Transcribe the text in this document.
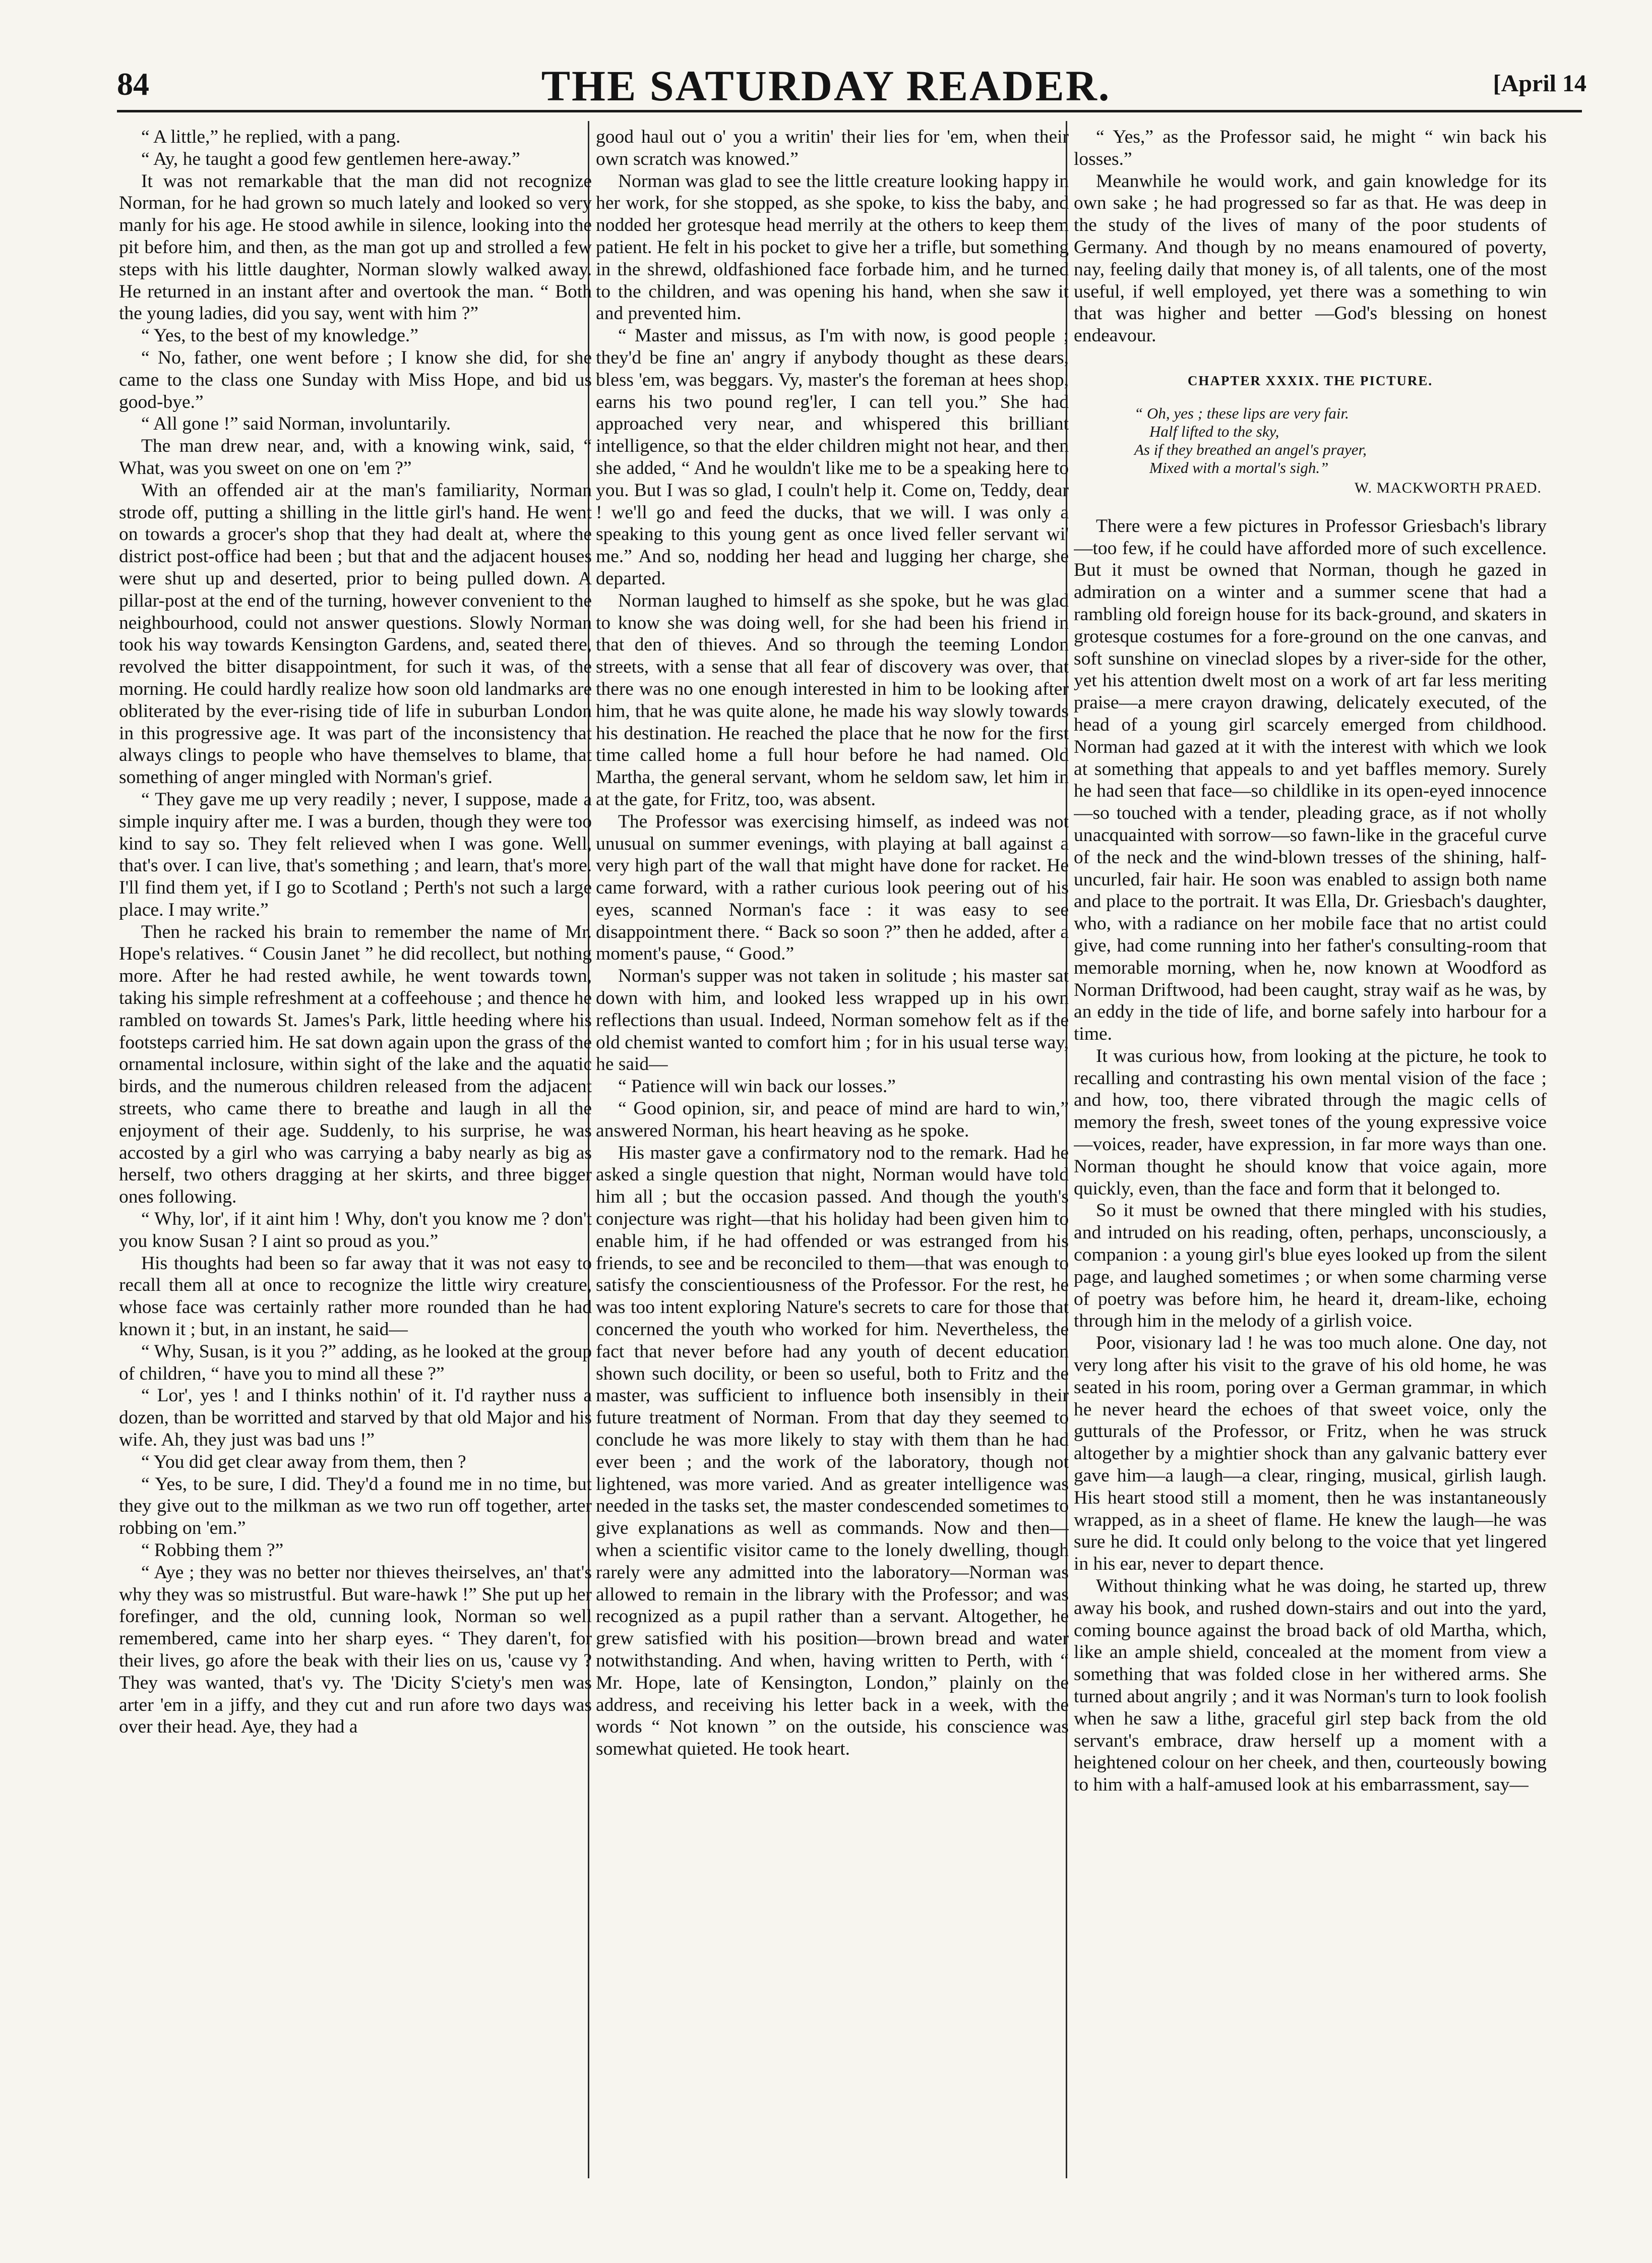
84	THE SATURDAY READER.	[April 14

“ A little,” he replied, with a pang.

“ Ay, he taught a good few gentlemen here-away.”

It was not remarkable that the man did not recognize Norman, for he had grown so much lately and looked so very manly for his age. He stood awhile in silence, looking into the pit before him, and then, as the man got up and strolled a few steps with his little daughter, Norman slowly walked away. He returned in an instant after and overtook the man. “ Both the young ladies, did you say, went with him ?”

“ Yes, to the best of my knowledge.”

“ No, father, one went before ; I know she did, for she came to the class one Sunday with Miss Hope, and bid us good-bye.”

“ All gone !” said Norman, involuntarily.

The man drew near, and, with a knowing wink, said, “ What, was you sweet on one on 'em ?”

With an offended air at the man's familiarity, Norman strode off, putting a shilling in the little girl's hand. He went on towards a grocer's shop that they had dealt at, where the district post-office had been ; but that and the adjacent houses were shut up and deserted, prior to being pulled down. A pillar-post at the end of the turning, however convenient to the neighbourhood, could not answer questions. Slowly Norman took his way towards Kensington Gardens, and, seated there, revolved the bitter disappointment, for such it was, of the morning. He could hardly realize how soon old landmarks are obliterated by the ever-rising tide of life in suburban London in this progressive age. It was part of the inconsistency that always clings to people who have themselves to blame, that something of anger mingled with Norman's grief.

“ They gave me up very readily ; never, I suppose, made a simple inquiry after me. I was a burden, though they were too kind to say so. They felt relieved when I was gone. Well, that's over. I can live, that's something ; and learn, that's more. I'll find them yet, if I go to Scotland ; Perth's not such a large place. I may write.”

Then he racked his brain to remember the name of Mr. Hope's relatives. “ Cousin Janet ” he did recollect, but nothing more. After he had rested awhile, he went towards town, taking his simple refreshment at a coffeehouse ; and thence he rambled on towards St. James's Park, little heeding where his footsteps carried him. He sat down again upon the grass of the ornamental inclosure, within sight of the lake and the aquatic birds, and the numerous children released from the adjacent streets, who came there to breathe and laugh in all the enjoyment of their age. Suddenly, to his surprise, he was accosted by a girl who was carrying a baby nearly as big as herself, two others dragging at her skirts, and three bigger ones following.

“ Why, lor', if it aint him ! Why, don't you know me ? don't you know Susan ? I aint so proud as you.”

His thoughts had been so far away that it was not easy to recall them all at once to recognize the little wiry creature, whose face was certainly rather more rounded than he had known it ; but, in an instant, he said—

“ Why, Susan, is it you ?” adding, as he looked at the group of children, “ have you to mind all these ?”

“ Lor', yes ! and I thinks nothin' of it. I'd rayther nuss a dozen, than be worritted and starved by that old Major and his wife. Ah, they just was bad uns !”

“ You did get clear away from them, then ?

“ Yes, to be sure, I did. They'd a found me in no time, but they give out to the milkman as we two run off together, arter robbing on 'em.”

“ Robbing them ?”

“ Aye ; they was no better nor thieves theirselves, an' that's why they was so mistrustful. But ware-hawk !” She put up her forefinger, and the old, cunning look, Norman so well remembered, came into her sharp eyes. “ They daren't, for their lives, go afore the beak with their lies on us, 'cause vy ? They was wanted, that's vy. The 'Dicity S'ciety's men was arter 'em in a jiffy, and they cut and run afore two days was over their head. Aye, they had a

good haul out o' you a writin' their lies for 'em, when their own scratch was knowed.”

Norman was glad to see the little creature looking happy in her work, for she stopped, as she spoke, to kiss the baby, and nodded her grotesque head merrily at the others to keep them patient. He felt in his pocket to give her a trifle, but something in the shrewd, oldfashioned face forbade him, and he turned to the children, and was opening his hand, when she saw it and prevented him.

“ Master and missus, as I'm with now, is good people ; they'd be fine an' angry if anybody thought as these dears, bless 'em, was beggars. Vy, master's the foreman at hees shop, earns his two pound reg'ler, I can tell you.” She had approached very near, and whispered this brilliant intelligence, so that the elder children might not hear, and then she added, “ And he wouldn't like me to be a speaking here to you. But I was so glad, I couln't help it. Come on, Teddy, dear ! we'll go and feed the ducks, that we will. I was only a speaking to this young gent as once lived feller servant wi' me.” And so, nodding her head and lugging her charge, she departed.

Norman laughed to himself as she spoke, but he was glad to know she was doing well, for she had been his friend in that den of thieves. And so through the teeming London streets, with a sense that all fear of discovery was over, that there was no one enough interested in him to be looking after him, that he was quite alone, he made his way slowly towards his destination. He reached the place that he now for the first time called home a full hour before he had named. Old Martha, the general servant, whom he seldom saw, let him in at the gate, for Fritz, too, was absent.

The Professor was exercising himself, as indeed was not unusual on summer evenings, with playing at ball against a very high part of the wall that might have done for racket. He came forward, with a rather curious look peering out of his eyes, scanned Norman's face : it was easy to see disappointment there. “ Back so soon ?” then he added, after a moment's pause, “ Good.”

Norman's supper was not taken in solitude ; his master sat down with him, and looked less wrapped up in his own reflections than usual. Indeed, Norman somehow felt as if the old chemist wanted to comfort him ; for in his usual terse way, he said—

“ Patience will win back our losses.”

“ Good opinion, sir, and peace of mind are hard to win,” answered Norman, his heart heaving as he spoke.

His master gave a confirmatory nod to the remark. Had he asked a single question that night, Norman would have told him all ; but the occasion passed. And though the youth's conjecture was right—that his holiday had been given him to enable him, if he had offended or was estranged from his friends, to see and be reconciled to them—that was enough to satisfy the conscientiousness of the Professor. For the rest, he was too intent exploring Nature's secrets to care for those that concerned the youth who worked for him. Nevertheless, the fact that never before had any youth of decent education shown such docility, or been so useful, both to Fritz and the master, was sufficient to influence both insensibly in their future treatment of Norman. From that day they seemed to conclude he was more likely to stay with them than he had ever been ; and the work of the laboratory, though not lightened, was more varied. And as greater intelligence was needed in the tasks set, the master condescended sometimes to give explanations as well as commands. Now and then—when a scientific visitor came to the lonely dwelling, though rarely were any admitted into the laboratory—Norman was allowed to remain in the library with the Professor; and was recognized as a pupil rather than a servant. Altogether, he grew satisfied with his position—brown bread and water notwithstanding. And when, having written to Perth, with “ Mr. Hope, late of Kensington, London,” plainly on the address, and receiving his letter back in a week, with the words “ Not known ” on the outside, his conscience was somewhat quieted. He took heart.

“ Yes,” as the Professor said, he might “ win back his losses.”

Meanwhile he would work, and gain knowledge for its own sake ; he had progressed so far as that. He was deep in the study of the lives of many of the poor students of Germany. And though by no means enamoured of poverty, nay, feeling daily that money is, of all talents, one of the most useful, if well employed, yet there was a something to win that was higher and better —God's blessing on honest endeavour.

CHAPTER XXXIX. THE PICTURE.
“ Oh, yes ; these lips are very fair.
Half lifted to the sky,
As if they breathed an angel's prayer,
Mixed with a mortal's sigh.”
W. MACKWORTH PRAED.

There were a few pictures in Professor Griesbach's library—too few, if he could have afforded more of such excellence. But it must be owned that Norman, though he gazed in admiration on a winter and a summer scene that had a rambling old foreign house for its back-ground, and skaters in grotesque costumes for a fore-ground on the one canvas, and soft sunshine on vineclad slopes by a river-side for the other, yet his attention dwelt most on a work of art far less meriting praise—a mere crayon drawing, delicately executed, of the head of a young girl scarcely emerged from childhood. Norman had gazed at it with the interest with which we look at something that appeals to and yet baffles memory. Surely he had seen that face—so childlike in its open-eyed innocence—so touched with a tender, pleading grace, as if not wholly unacquainted with sorrow—so fawn-like in the graceful curve of the neck and the wind-blown tresses of the shining, half-uncurled, fair hair. He soon was enabled to assign both name and place to the portrait. It was Ella, Dr. Griesbach's daughter, who, with a radiance on her mobile face that no artist could give, had come running into her father's consulting-room that memorable morning, when he, now known at Woodford as Norman Driftwood, had been caught, stray waif as he was, by an eddy in the tide of life, and borne safely into harbour for a time.

It was curious how, from looking at the picture, he took to recalling and contrasting his own mental vision of the face ; and how, too, there vibrated through the magic cells of memory the fresh, sweet tones of the young expressive voice—voices, reader, have expression, in far more ways than one. Norman thought he should know that voice again, more quickly, even, than the face and form that it belonged to.

So it must be owned that there mingled with his studies, and intruded on his reading, often, perhaps, unconsciously, a companion : a young girl's blue eyes looked up from the silent page, and laughed sometimes ; or when some charming verse of poetry was before him, he heard it, dream-like, echoing through him in the melody of a girlish voice.

Poor, visionary lad ! he was too much alone. One day, not very long after his visit to the grave of his old home, he was seated in his room, poring over a German grammar, in which he never heard the echoes of that sweet voice, only the gutturals of the Professor, or Fritz, when he was struck altogether by a mightier shock than any galvanic battery ever gave him—a laugh—a clear, ringing, musical, girlish laugh. His heart stood still a moment, then he was instantaneously wrapped, as in a sheet of flame. He knew the laugh—he was sure he did. It could only belong to the voice that yet lingered in his ear, never to depart thence.

Without thinking what he was doing, he started up, threw away his book, and rushed down-stairs and out into the yard, coming bounce against the broad back of old Martha, which, like an ample shield, concealed at the moment from view a something that was folded close in her withered arms. She turned about angrily ; and it was Norman's turn to look foolish when he saw a lithe, graceful girl step back from the old servant's embrace, draw herself up a moment with a heightened colour on her cheek, and then, courteously bowing to him with a half-amused look at his embarrassment, say—
